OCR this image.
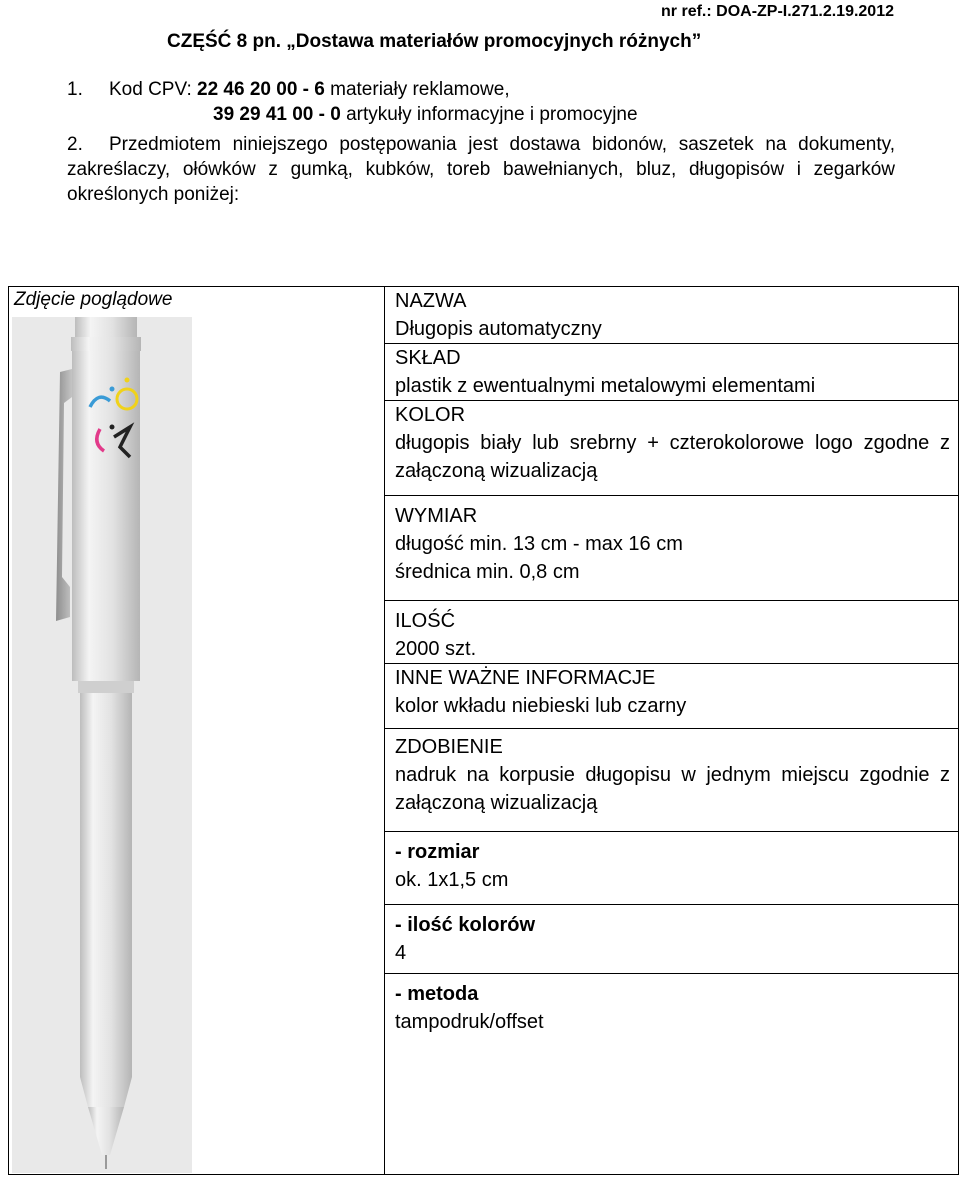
nr ref.: DOA-ZP-I.271.2.19.2012
CZĘŚĆ 8 pn. „Dostawa materiałów promocyjnych różnych”
1. Kod CPV: 22 46 20 00 - 6 materiały reklamowe,
39 29 41 00 - 0 artykuły informacyjne i promocyjne
2. Przedmiotem niniejszego postępowania jest dostawa bidonów, saszetek na dokumenty, zakreślaczy, ołówków z gumką, kubków, toreb bawełnianych, bluz, długopisów i zegarków określonych poniżej:
Zdjęcie poglądowe	NAZWA
Długopis automatyczny
SKŁAD
plastik z ewentualnymi metalowymi elementami
KOLOR
długopis biały lub srebrny + czterokolorowe logo zgodne z załączoną wizualizacją
WYMIAR
długość min. 13 cm - max 16 cm
średnica min. 0,8 cm
ILOŚĆ
2000 szt.
INNE WAŻNE INFORMACJE
kolor wkładu niebieski lub czarny
ZDOBIENIE
nadruk na korpusie długopisu w jednym miejscu zgodnie z załączoną wizualizacją
- rozmiar
ok. 1x1,5 cm
- ilość kolorów
4
- metoda
tampodruk/offset
